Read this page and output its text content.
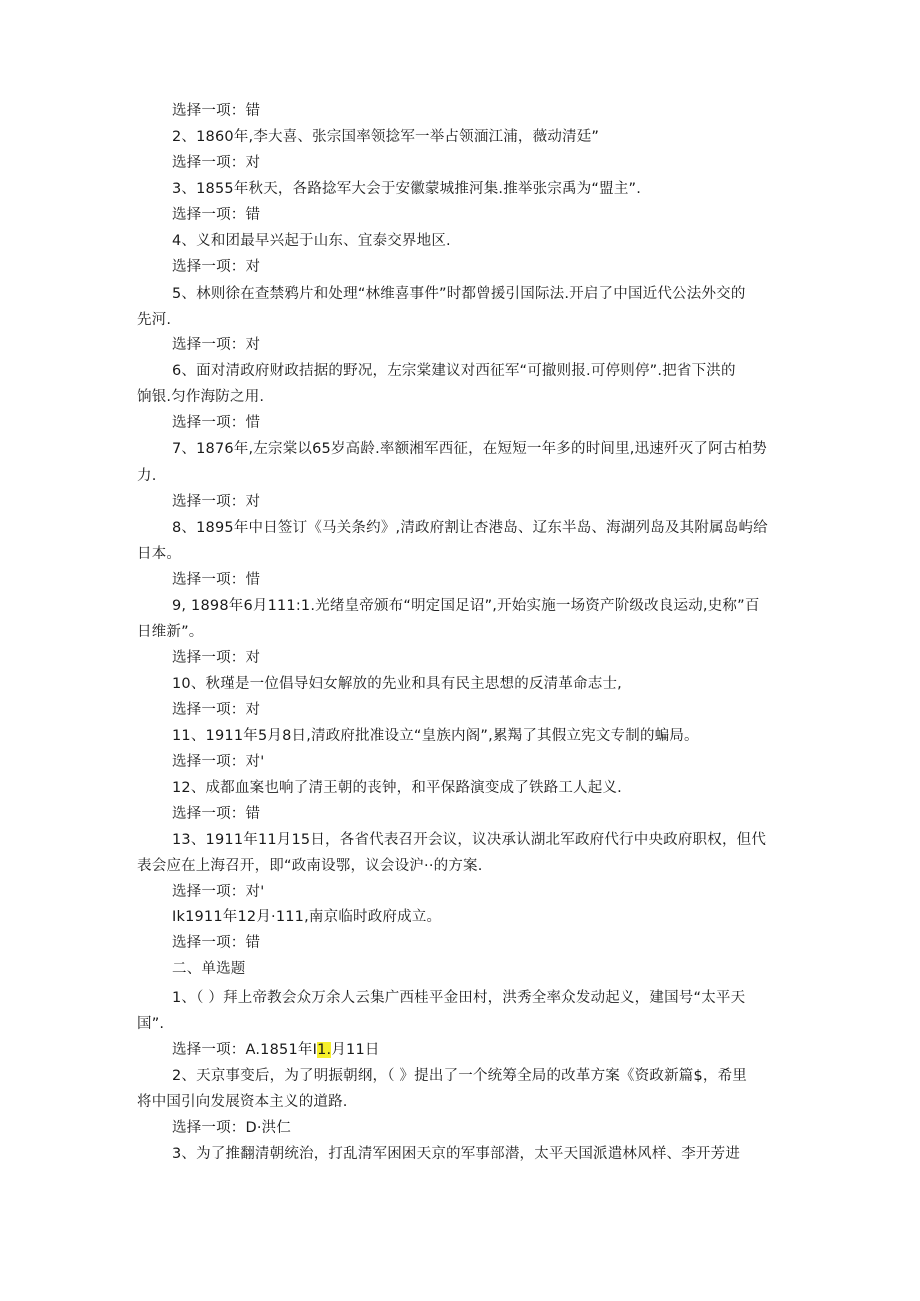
选择一项：错
2、1860年,李大喜、张宗国率领捻军一举占领湎江浦，薇动清廷”
选择一项：对
3、1855年秋天，各路捻军大会于安徽蒙城推河集.推举张宗禹为“盟主”.
选择一项：错
4、义和团最早兴起于山东、宜泰交界地区.
选择一项：对
5、林则徐在查禁鸦片和处理“林维喜事件”时都曾援引国际法.开启了中国近代公法外交的
先河.
选择一项：对
6、面对清政府财政拮据的野况，左宗棠建议对西征军“可撤则报.可停则停”.把省下洪的
饷银.匀作海防之用.
选择一项：惜
7、1876年,左宗棠以65岁高龄.率额湘军西征，在短短一年多的时间里,迅速歼灭了阿古柏势
力.
选择一项：对
8、1895年中日签订《马关条约》,清政府割让杏港岛、辽东半岛、海湖列岛及其附属岛屿给
日本。
选择一项：惜
9, 1898年6月111:1.光绪皇帝颁布“明定国足诏”,开始实施一场资产阶级改良运动,史称”百
日维新”。
选择一项：对
10、秋瑾是一位倡导妇女解放的先业和具有民主思想的反清革命志士,
选择一项：对
11、1911年5月8日,清政府批准设立“皇族内阁”,累羯了其假立宪文专制的蝙局。
选择一项：对'
12、成都血案也响了清王朝的丧钟，和平保路演变成了铁路工人起义.
选择一项：错
13、1911年11月15日，各省代表召开会议，议决承认湖北军政府代行中央政府职权，但代
表会应在上海召开，即“政南设鄂，议会设沪··的方案.
选择一项：对'
Ik1911年12月·111,南京临时政府成立。
选择一项：错
二、单选题
1、（ ）拜上帝教会众万余人云集广西桂平金田村，洪秀全率众发动起义，建国号“太平天
国”.
选择一项：A.1851年I1.月11日
2、天京事变后，为了明振朝纲，（ 》提出了一个统筹全局的改革方案《资政新篇$，希里
将中国引向发展资本主义的道路.
选择一项：D·洪仁
3、为了推翻清朝统治，打乱清军困困天京的军事部潜，太平天国派遣林风样、李开芳进
